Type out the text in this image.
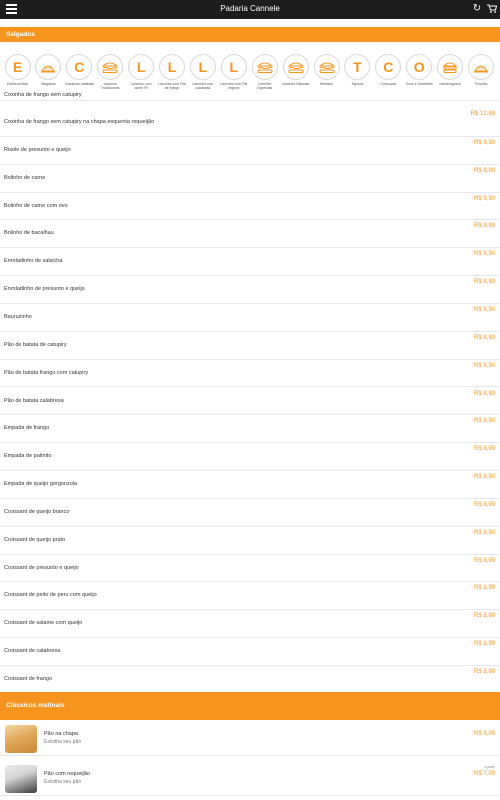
Padaria Cannele	↻
Salgados
E
Esfiha al fatal	Salgados
C
Clássicos matinais	Lanchos Tradicionais
L
Lanches com carne Fil
L
Lanches com Filé de frango
L
Lanches com calabresa
L
Lanches com Filé mignon
Lanches Especiais
Lanches Naturais	Bebidas
T
Tapioca
C
Crepiocas
O
Ovos e Omeletes	Hambúrguers	Porções
Coxinha de frango sem catupiry
Coxinha de frango sem catupiry na chapa esquenta requeijão
R$ 12,90
Risole de presunto e queijo
R$ 8,90
Bolinho de carne
R$ 8,90
Bolinho de carne com ovo
R$ 9,90
Bolinho de bacalhau
R$ 9,90
Enroladinho de salsicha
R$ 8,90
Enroladinho de presunto e queijo
R$ 8,90
Bauruzinho
R$ 8,90
Pão de batata de catupiry
R$ 8,90
Pão de batata frango com catupiry
R$ 8,90
Pão de batata calabresa
R$ 8,90
Empada de frango
R$ 8,90
Empada de palmito
R$ 8,90
Empada de queijo gorgonzola
R$ 8,90
Croissant de queijo branco
R$ 8,90
Croissant de queijo prato
R$ 8,90
Croissant de presunto e queijo
R$ 8,90
Croissant de peito de peru com queijo
R$ 8,99
Croissant de salame com queijo
R$ 8,99
Croissant de calabresa
R$ 8,99
Croissant de frango
R$ 8,99
Clássicos matinais
Pão na chapa
Escolha seu pão
R$ 5,00
Pão com requeijão
Escolha seu pão
R$ 7,00
a partir
